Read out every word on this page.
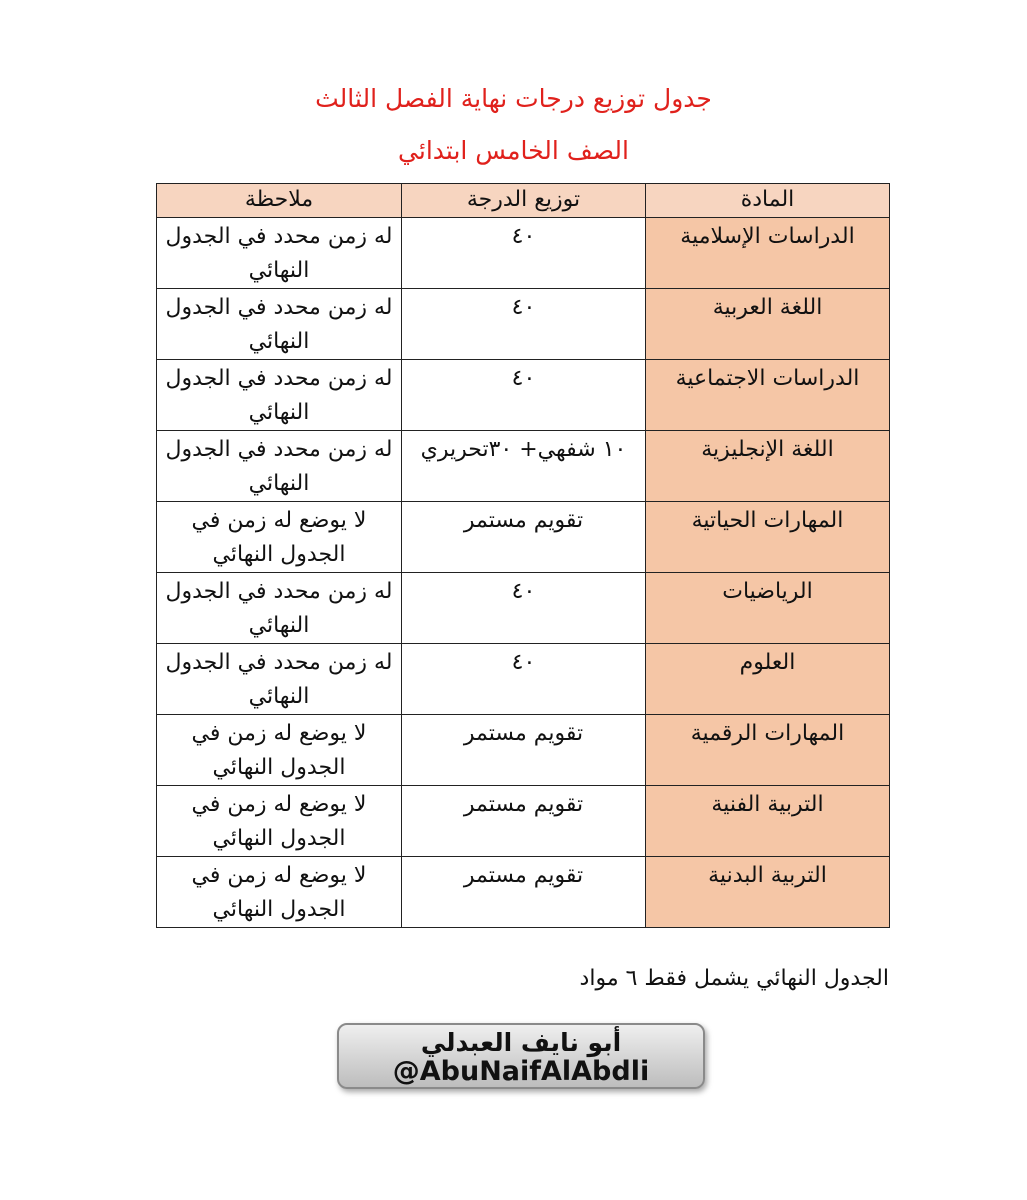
جدول توزيع درجات نهاية الفصل الثالث
الصف الخامس ابتدائي
المادة	توزيع الدرجة	ملاحظة
الدراسات الإسلامية	٤٠	له زمن محدد في الجدول النهائي
اللغة العربية	٤٠	له زمن محدد في الجدول النهائي
الدراسات الاجتماعية	٤٠	له زمن محدد في الجدول النهائي
اللغة الإنجليزية	١٠ شفهي+ ٣٠تحريري	له زمن محدد في الجدول النهائي
المهارات الحياتية	تقويم مستمر	لا يوضع له زمن في الجدول النهائي
الرياضيات	٤٠	له زمن محدد في الجدول النهائي
العلوم	٤٠	له زمن محدد في الجدول النهائي
المهارات الرقمية	تقويم مستمر	لا يوضع له زمن في الجدول النهائي
التربية الفنية	تقويم مستمر	لا يوضع له زمن في الجدول النهائي
التربية البدنية	تقويم مستمر	لا يوضع له زمن في الجدول النهائي

الجدول النهائي يشمل فقط ٦ مواد

أبو نايف العبدلي
@AbuNaifAlAbdli
